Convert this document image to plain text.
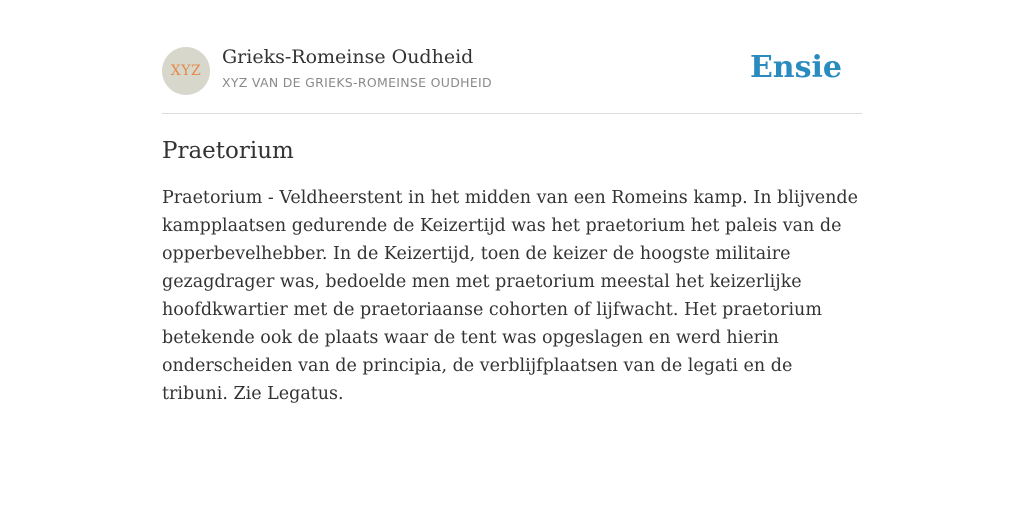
XYZ
Grieks-Romeinse Oudheid
XYZ VAN DE GRIEKS-ROMEINSE OUDHEID	Ensie
Praetorium

Praetorium - Veldheerstent in het midden van een Romeins kamp. In blijvende kampplaatsen gedurende de Keizertijd was het praetorium het paleis van de opperbevelhebber. In de Keizertijd, toen de keizer de hoogste militaire gezagdrager was, bedoelde men met praetorium meestal het keizerlijke hoofdkwartier met de praetoriaanse cohorten of lijfwacht. Het praetorium betekende ook de plaats waar de tent was opgeslagen en werd hierin onderscheiden van de principia, de verblijfplaatsen van de legati en de tribuni. Zie Legatus.
